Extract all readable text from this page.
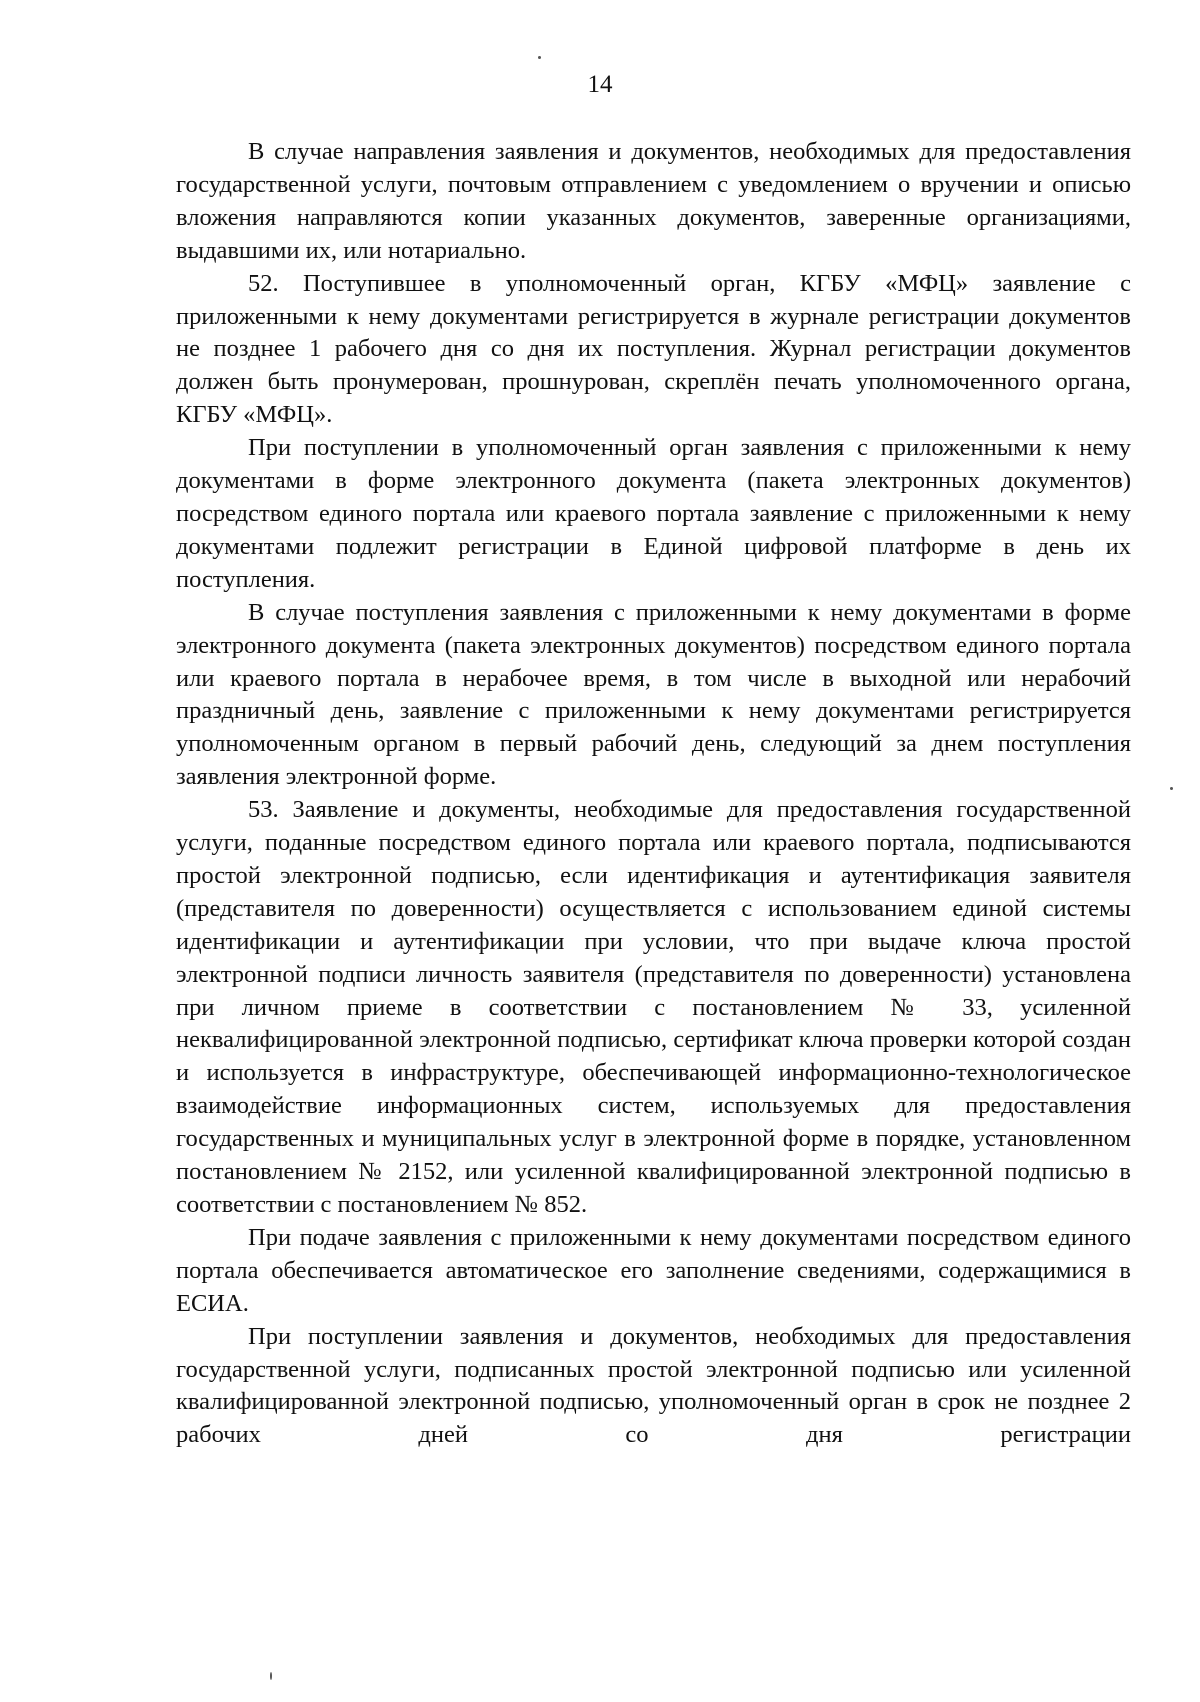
14

В случае направления заявления и документов, необходимых для предоставления государственной услуги, почтовым отправлением с уведомлением о вручении и описью вложения направляются копии указанных документов, заверенные организациями, выдавшими их, или нотариально.

52. Поступившее в уполномоченный орган, КГБУ «МФЦ» заявление с приложенными к нему документами регистрируется в журнале регистрации документов не позднее 1 рабочего дня со дня их поступления. Журнал регистрации документов должен быть пронумерован, прошнурован, скреплён печать уполномоченного органа, КГБУ «МФЦ».

При поступлении в уполномоченный орган заявления с приложенными к нему документами в форме электронного документа (пакета электронных документов) посредством единого портала или краевого портала заявление с приложенными к нему документами подлежит регистрации в Единой цифровой платформе в день их поступления.

В случае поступления заявления с приложенными к нему документами в форме электронного документа (пакета электронных документов) посредством единого портала или краевого портала в нерабочее время, в том числе в выходной или нерабочий праздничный день, заявление с приложенными к нему документами регистрируется уполномоченным органом в первый рабочий день, следующий за днем поступления заявления электронной форме.

53. Заявление и документы, необходимые для предоставления государственной услуги, поданные посредством единого портала или краевого портала, подписываются простой электронной подписью, если идентификация и аутентификация заявителя (представителя по доверенности) осуществляется с использованием единой системы идентификации и аутентификации при условии, что при выдаче ключа простой электронной подписи личность заявителя (представителя по доверенности) установлена при личном приеме в соответствии с постановлением № 33, усиленной неквалифицированной электронной подписью, сертификат ключа проверки которой создан и используется в инфраструктуре, обеспечивающей информационно-технологическое взаимодействие информационных систем, используемых для предоставления государственных и муниципальных услуг в электронной форме в порядке, установленном постановлением № 2152, или усиленной квалифицированной электронной подписью в соответствии с постановлением № 852.

При подаче заявления с приложенными к нему документами посредством единого портала обеспечивается автоматическое его заполнение сведениями, содержащимися в ЕСИА.

При поступлении заявления и документов, необходимых для предоставления государственной услуги, подписанных простой электронной подписью или усиленной квалифицированной электронной подписью, уполномоченный орган в срок не позднее 2 рабочих дней со дня регистрации
